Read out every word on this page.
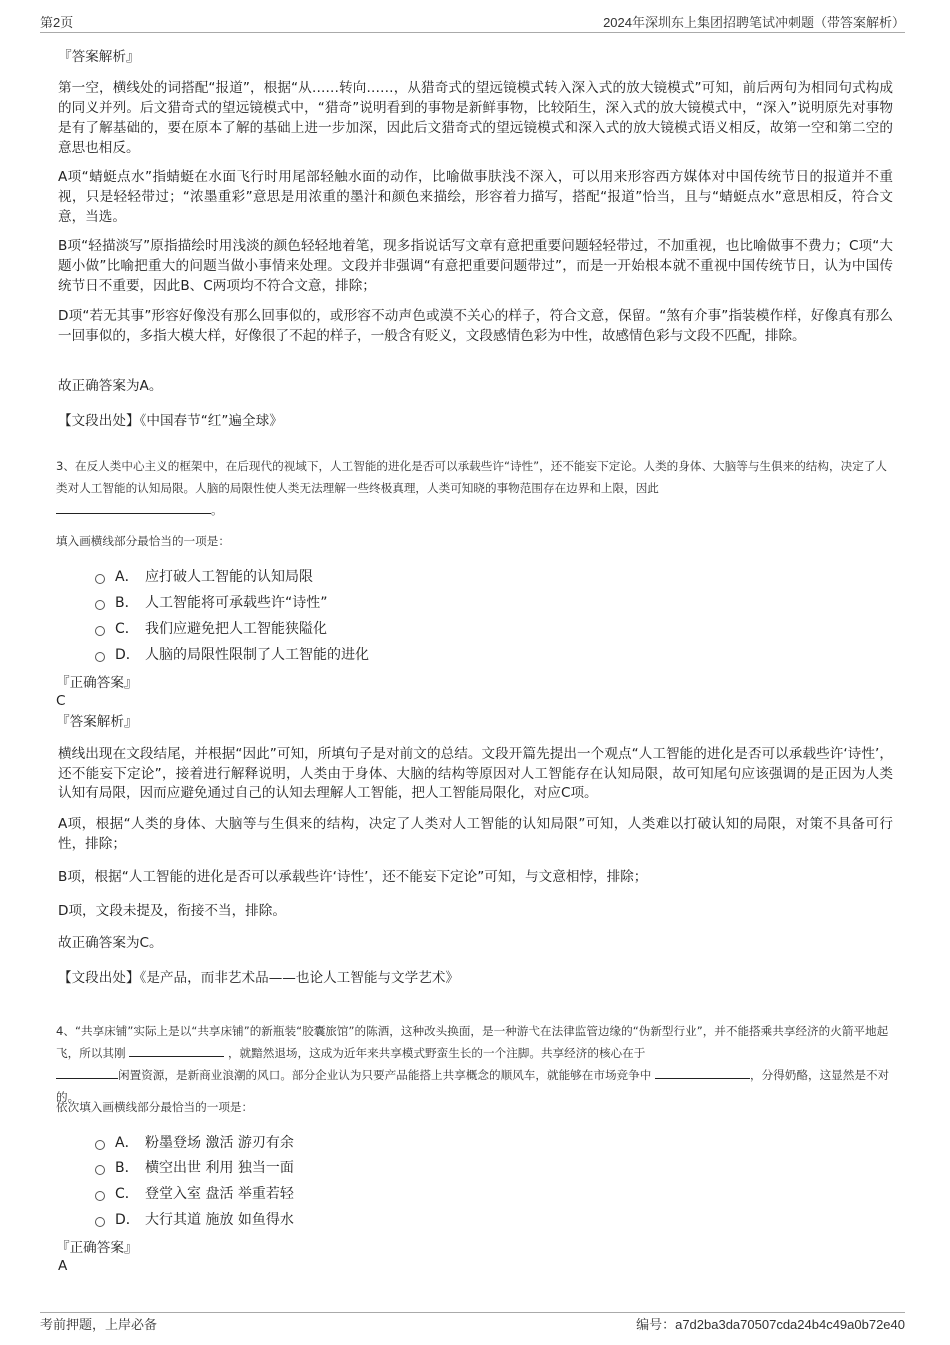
第2页	2024年深圳东上集团招聘笔试冲刺题（带答案解析）
『答案解析』
第一空，横线处的词搭配“报道”，根据“从……转向……，从猎奇式的望远镜模式转入深入式的放大镜模式”可知，前后两句为相同句式构成的同义并列。后文猎奇式的望远镜模式中，“猎奇”说明看到的事物是新鲜事物，比较陌生，深入式的放大镜模式中，“深入”说明原先对事物是有了解基础的，要在原本了解的基础上进一步加深，因此后文猎奇式的望远镜模式和深入式的放大镜模式语义相反，故第一空和第二空的意思也相反。
A项“蜻蜓点水”指蜻蜓在水面飞行时用尾部轻触水面的动作，比喻做事肤浅不深入，可以用来形容西方媒体对中国传统节日的报道并不重视，只是轻轻带过；“浓墨重彩”意思是用浓重的墨汁和颜色来描绘，形容着力描写，搭配“报道”恰当，且与“蜻蜓点水”意思相反，符合文意，当选。
B项“轻描淡写”原指描绘时用浅淡的颜色轻轻地着笔，现多指说话写文章有意把重要问题轻轻带过，不加重视，也比喻做事不费力；C项“大题小做”比喻把重大的问题当做小事情来处理。文段并非强调“有意把重要问题带过”，而是一开始根本就不重视中国传统节日，认为中国传统节日不重要，因此B、C两项均不符合文意，排除；
D项“若无其事”形容好像没有那么回事似的，或形容不动声色或漠不关心的样子，符合文意，保留。“煞有介事”指装模作样，好像真有那么一回事似的，多指大模大样，好像很了不起的样子，一般含有贬义，文段感情色彩为中性，故感情色彩与文段不匹配，排除。
故正确答案为A。
【文段出处】《中国春节“红”遍全球》
3、在反人类中心主义的框架中，在后现代的视域下，人工智能的进化是否可以承载些许“诗性”，还不能妄下定论。人类的身体、大脑等与生俱来的结构，决定了人类对人工智能的认知局限。人脑的局限性使人类无法理解一些终极真理，人类可知晓的事物范围存在边界和上限，因此
。
填入画横线部分最恰当的一项是：
A． 应打破人工智能的认知局限
B． 人工智能将可承载些许“诗性”
C． 我们应避免把人工智能狭隘化
D． 人脑的局限性限制了人工智能的进化
『正确答案』
C
『答案解析』
横线出现在文段结尾，并根据“因此”可知，所填句子是对前文的总结。文段开篇先提出一个观点“人工智能的进化是否可以承载些许‘诗性’，还不能妄下定论”，接着进行解释说明，人类由于身体、大脑的结构等原因对人工智能存在认知局限，故可知尾句应该强调的是正因为人类认知有局限，因而应避免通过自己的认知去理解人工智能，把人工智能局限化，对应C项。
A项，根据“人类的身体、大脑等与生俱来的结构，决定了人类对人工智能的认知局限”可知，人类难以打破认知的局限，对策不具备可行性，排除；
B项，根据“人工智能的进化是否可以承载些许‘诗性’，还不能妄下定论”可知，与文意相悖，排除；
D项，文段未提及，衔接不当，排除。
故正确答案为C。
【文段出处】《是产品，而非艺术品——也论人工智能与文学艺术》
4、“共享床铺”实际上是以“共享床铺”的新瓶装“胶囊旅馆”的陈酒，这种改头换面，是一种游弋在法律监管边缘的“伪新型行业”，并不能搭乘共享经济的火箭平地起飞，所以其刚	，就黯然退场，这成为近年来共享模式野蛮生长的一个注脚。共享经济的核心在于
闲置资源，是新商业浪潮的风口。部分企业认为只要产品能搭上共享概念的顺风车，就能够在市场竞争中	，分得奶酪，这显然是不对的。
依次填入画横线部分最恰当的一项是：
A． 粉墨登场 激活 游刃有余
B． 横空出世 利用 独当一面
C． 登堂入室 盘活 举重若轻
D． 大行其道 施放 如鱼得水
『正确答案』
A
考前押题，上岸必备	编号：a7d2ba3da70507cda24b4c49a0b72e40
